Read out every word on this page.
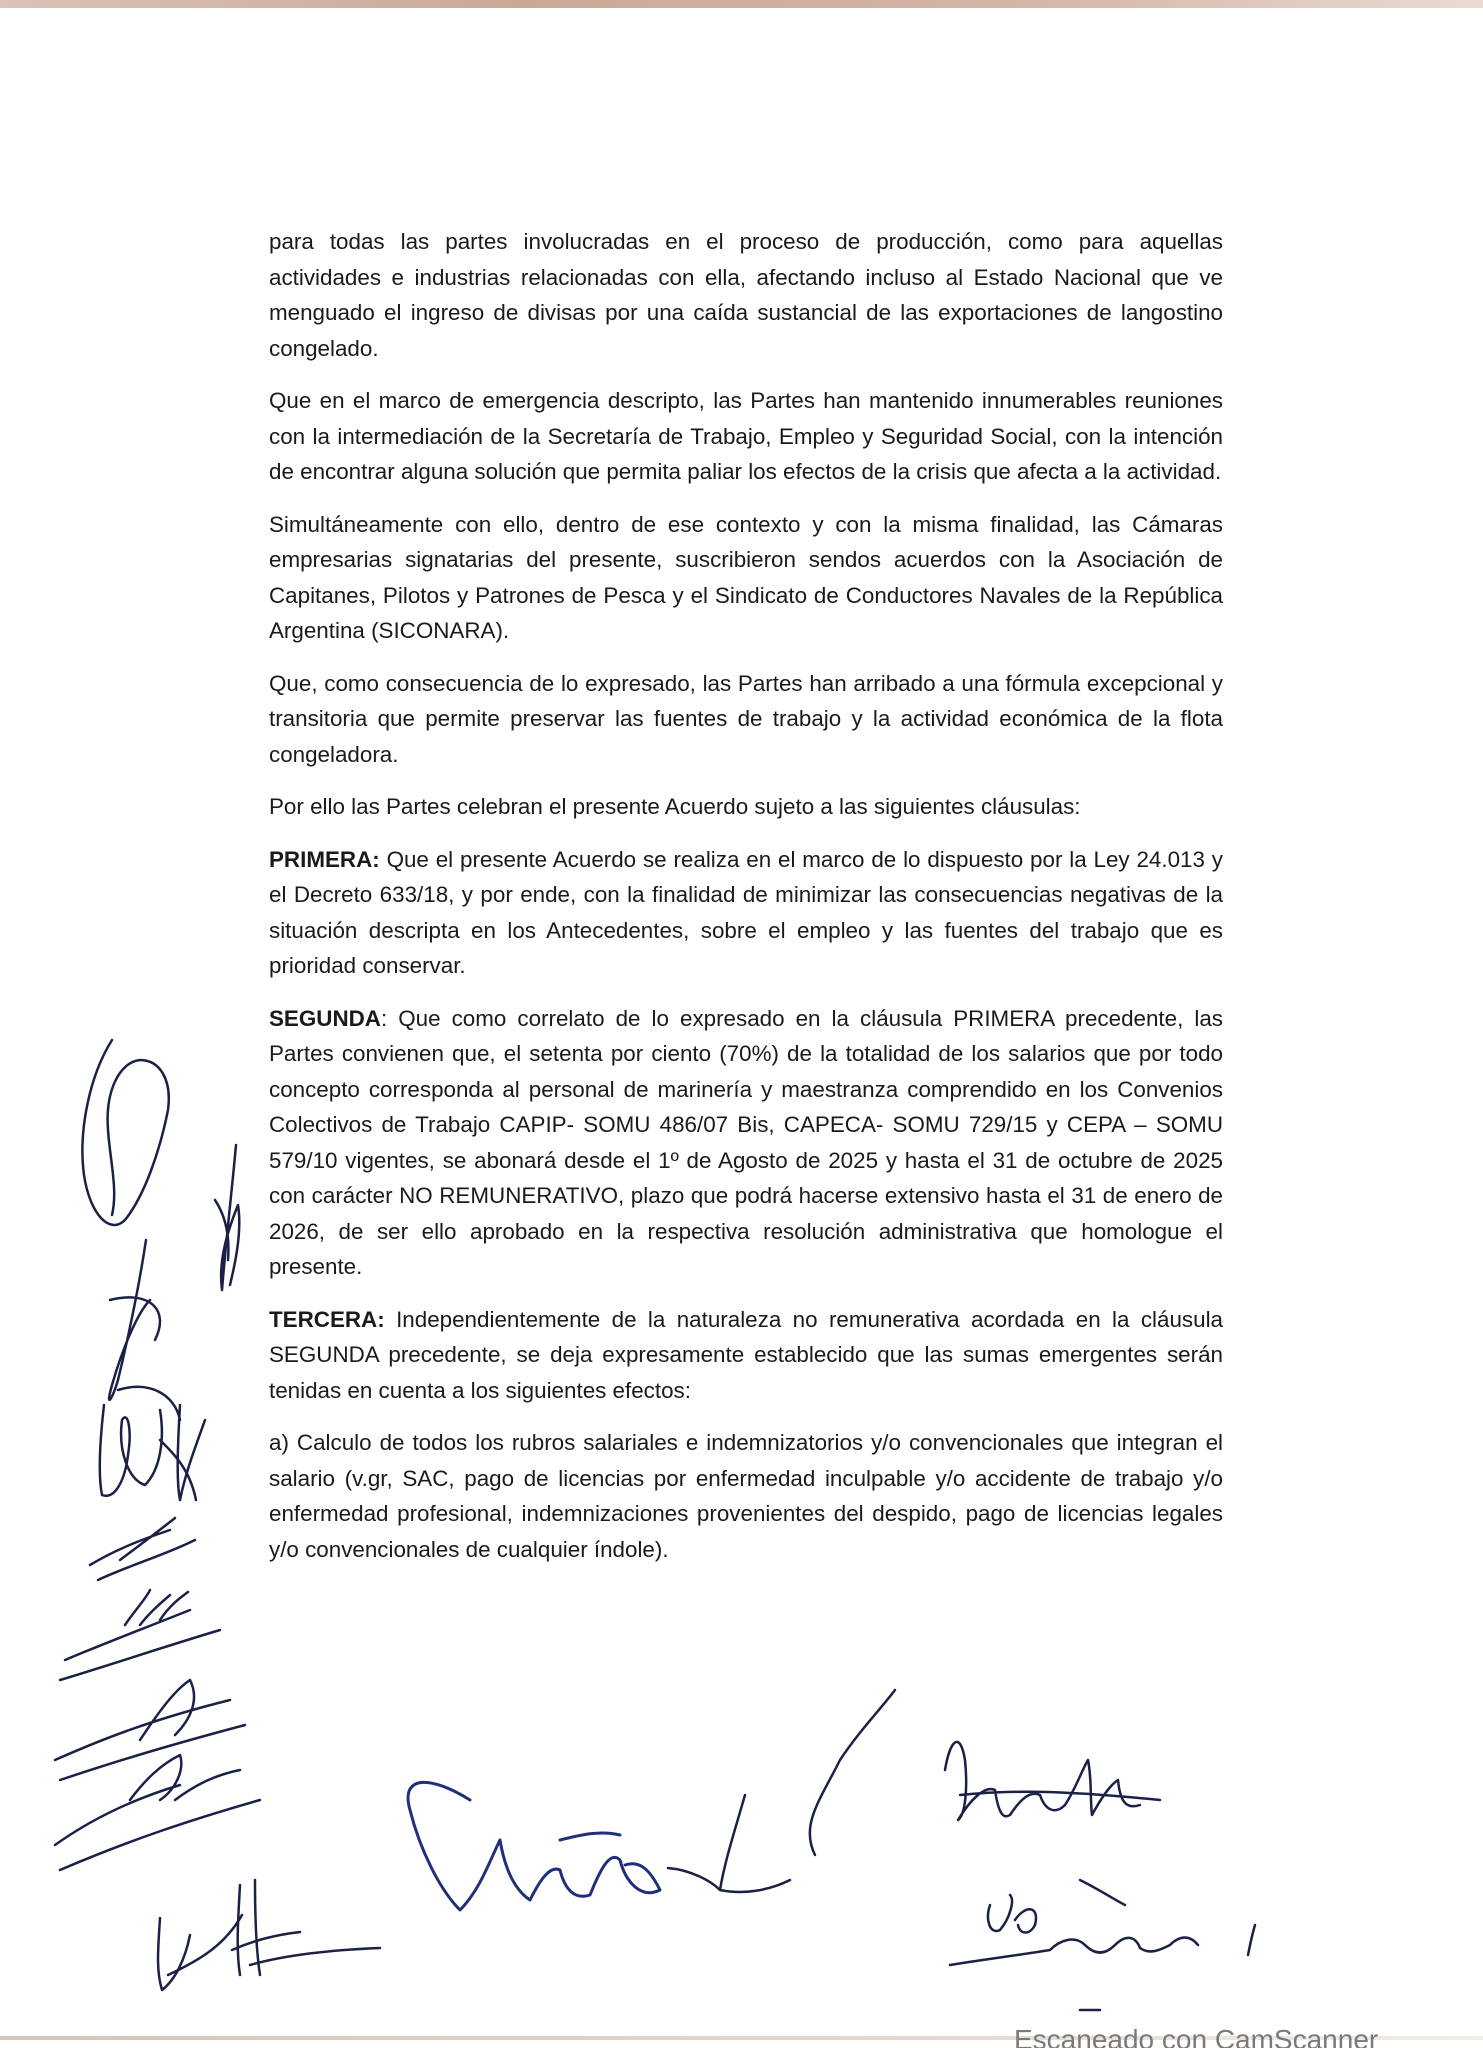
para todas las partes involucradas en el proceso de producción, como para aquellas actividades e industrias relacionadas con ella, afectando incluso al Estado Nacional que ve menguado el ingreso de divisas por una caída sustancial de las exportaciones de langostino congelado.

Que en el marco de emergencia descripto, las Partes han mantenido innumerables reuniones con la intermediación de la Secretaría de Trabajo, Empleo y Seguridad Social, con la intención de encontrar alguna solución que permita paliar los efectos de la crisis que afecta a la actividad.

Simultáneamente con ello, dentro de ese contexto y con la misma finalidad, las Cámaras empresarias signatarias del presente, suscribieron sendos acuerdos con la Asociación de Capitanes, Pilotos y Patrones de Pesca y el Sindicato de Conductores Navales de la República Argentina (SICONARA).

Que, como consecuencia de lo expresado, las Partes han arribado a una fórmula excepcional y transitoria que permite preservar las fuentes de trabajo y la actividad económica de la flota congeladora.

Por ello las Partes celebran el presente Acuerdo sujeto a las siguientes cláusulas:

PRIMERA: Que el presente Acuerdo se realiza en el marco de lo dispuesto por la Ley 24.013 y el Decreto 633/18, y por ende, con la finalidad de minimizar las consecuencias negativas de la situación descripta en los Antecedentes, sobre el empleo y las fuentes del trabajo que es prioridad conservar.

SEGUNDA: Que como correlato de lo expresado en la cláusula PRIMERA precedente, las Partes convienen que, el setenta por ciento (70%) de la totalidad de los salarios que por todo concepto corresponda al personal de marinería y maestranza comprendido en los Convenios Colectivos de Trabajo CAPIP- SOMU 486/07 Bis, CAPECA- SOMU 729/15 y CEPA – SOMU 579/10 vigentes, se abonará desde el 1º de Agosto de 2025 y hasta el 31 de octubre de 2025 con carácter NO REMUNERATIVO, plazo que podrá hacerse extensivo hasta el 31 de enero de 2026, de ser ello aprobado en la respectiva resolución administrativa que homologue el presente.

TERCERA: Independientemente de la naturaleza no remunerativa acordada en la cláusula SEGUNDA precedente, se deja expresamente establecido que las sumas emergentes serán tenidas en cuenta a los siguientes efectos:

a) Calculo de todos los rubros salariales e indemnizatorios y/o convencionales que integran el salario (v.gr, SAC, pago de licencias por enfermedad inculpable y/o accidente de trabajo y/o enfermedad profesional, indemnizaciones provenientes del despido, pago de licencias legales y/o convencionales de cualquier índole).

Escaneado con CamScanner
